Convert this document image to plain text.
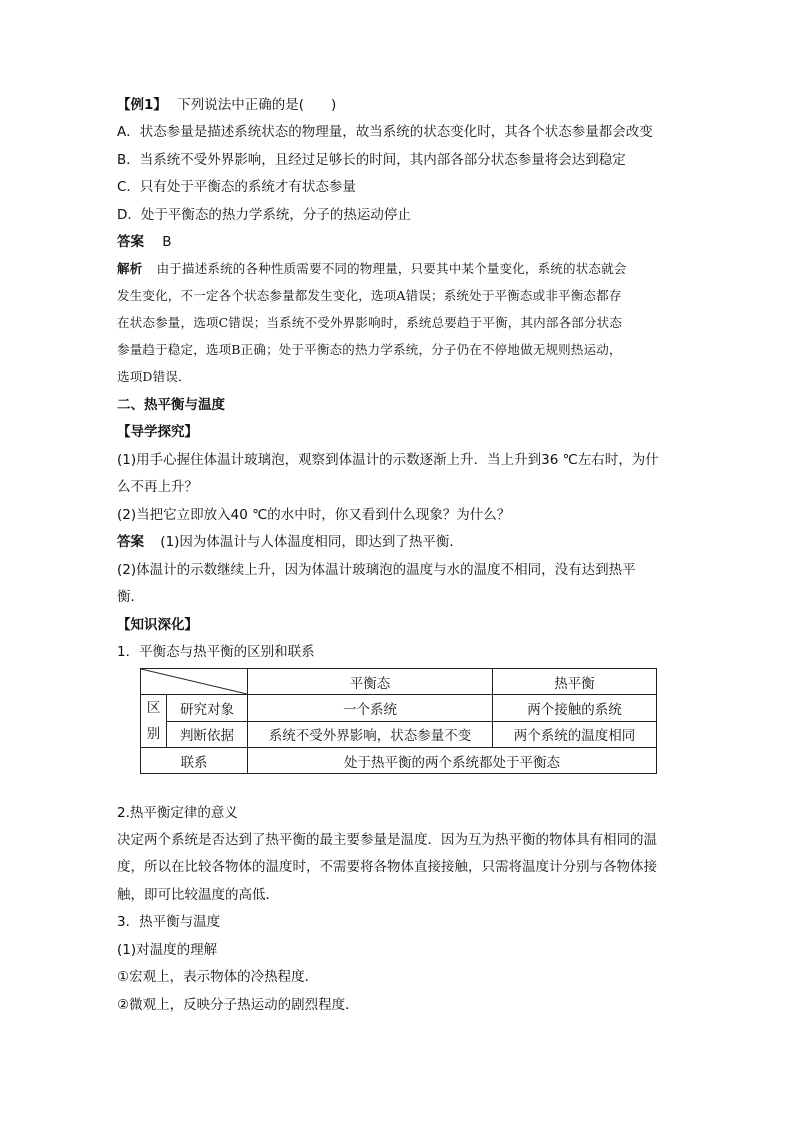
【例1】 下列说法中正确的是(　　)
A．状态参量是描述系统状态的物理量，故当系统的状态变化时，其各个状态参量都会改变
B．当系统不受外界影响，且经过足够长的时间，其内部各部分状态参量将会达到稳定
C．只有处于平衡态的系统才有状态参量
D．处于平衡态的热力学系统，分子的热运动停止
答案 B
解析 由于描述系统的各种性质需要不同的物理量，只要其中某个量变化，系统的状态就会
发生变化，不一定各个状态参量都发生变化，选项A错误；系统处于平衡态或非平衡态都存
在状态参量，选项C错误；当系统不受外界影响时，系统总要趋于平衡，其内部各部分状态
参量趋于稳定，选项B正确；处于平衡态的热力学系统，分子仍在不停地做无规则热运动，
选项D错误．
二、热平衡与温度
【导学探究】
(1)用手心握住体温计玻璃泡，观察到体温计的示数逐渐上升．当上升到36 ℃左右时，为什
么不再上升？
(2)当把它立即放入40 ℃的水中时，你又看到什么现象？为什么？
答案 (1)因为体温计与人体温度相同，即达到了热平衡．
(2)体温计的示数继续上升，因为体温计玻璃泡的温度与水的温度不相同，没有达到热平
衡．
【知识深化】
1．平衡态与热平衡的区别和联系
	平衡态	热平衡

区
别	研究对象	一个系统	两个接触的系统
	判断依据	系统不受外界影响，状态参量不变	两个系统的温度相同
联系		处于热平衡的两个系统都处于平衡态	
2.热平衡定律的意义
决定两个系统是否达到了热平衡的最主要参量是温度．因为互为热平衡的物体具有相同的温
度，所以在比较各物体的温度时，不需要将各物体直接接触，只需将温度计分别与各物体接
触，即可比较温度的高低．
3．热平衡与温度
(1)对温度的理解
①宏观上，表示物体的冷热程度．
②微观上，反映分子热运动的剧烈程度．
